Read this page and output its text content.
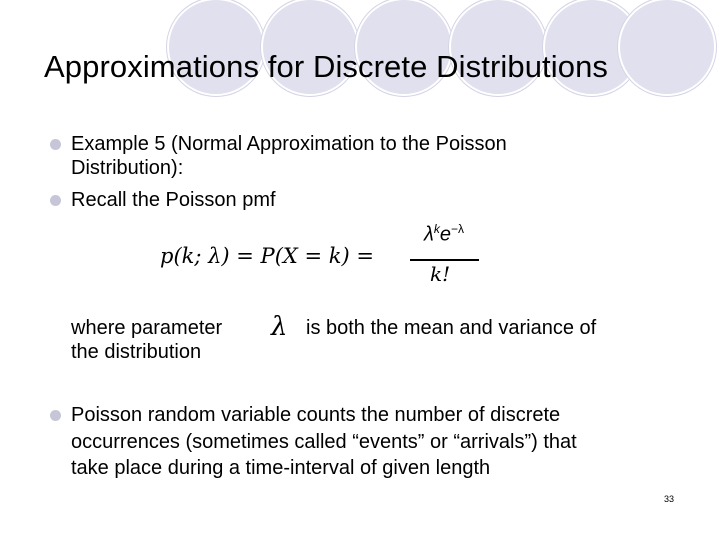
Approximations for Discrete Distributions
Example 5 (Normal Approximation to the Poisson
Distribution):
Recall the Poisson pmf
p(k; λ) = P(X = k) =
$\lambda^ke^{-\lambda}$
k!
where parameter λ is both the mean and variance of
the distribution
Poisson random variable counts the number of discrete
occurrences (sometimes called “events” or “arrivals”) that
take place during a time-interval of given length
33
